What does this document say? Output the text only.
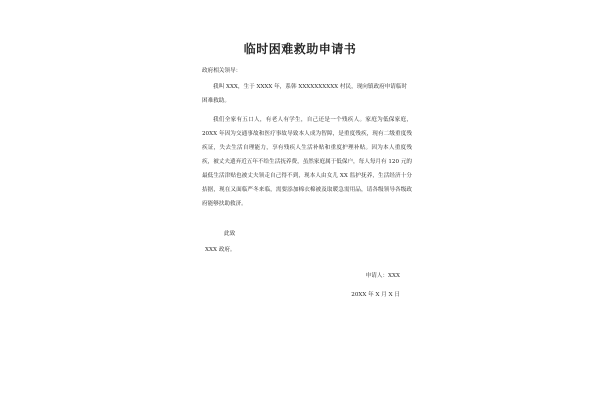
临时困难救助申请书
政府相关领导：
我叫 XXX，生于 XXXX 年，系韩 XXXXXXXXXX 村民，现向镇政府申请临时困难救助。
我们全家有五口人，有老人有学生，自己还是一个残疾人。家庭为低保家庭，20XX 年因为交通事故和医疗事故导致本人成为智障，是重度残疾，现有二级重度残疾证，失去生活自理能力，享有残疾人生活补贴和重度护理补贴。因为本人重度残疾，被丈夫遗弃近五年不给生活抚养费，虽然家庭属于低保户，每人每月有 120 元的最低生活津贴也被丈夫领走自己得不到，现本人由女儿 XX 监护抚养，生活经济十分拮据，现在又面临严冬来临，需要添加棉衣棉被及取暖急需用品，请各级领导各级政府能够扶助救济。
此致
XXX 政府。
申请人：XXX
20XX 年 X 月 X 日
